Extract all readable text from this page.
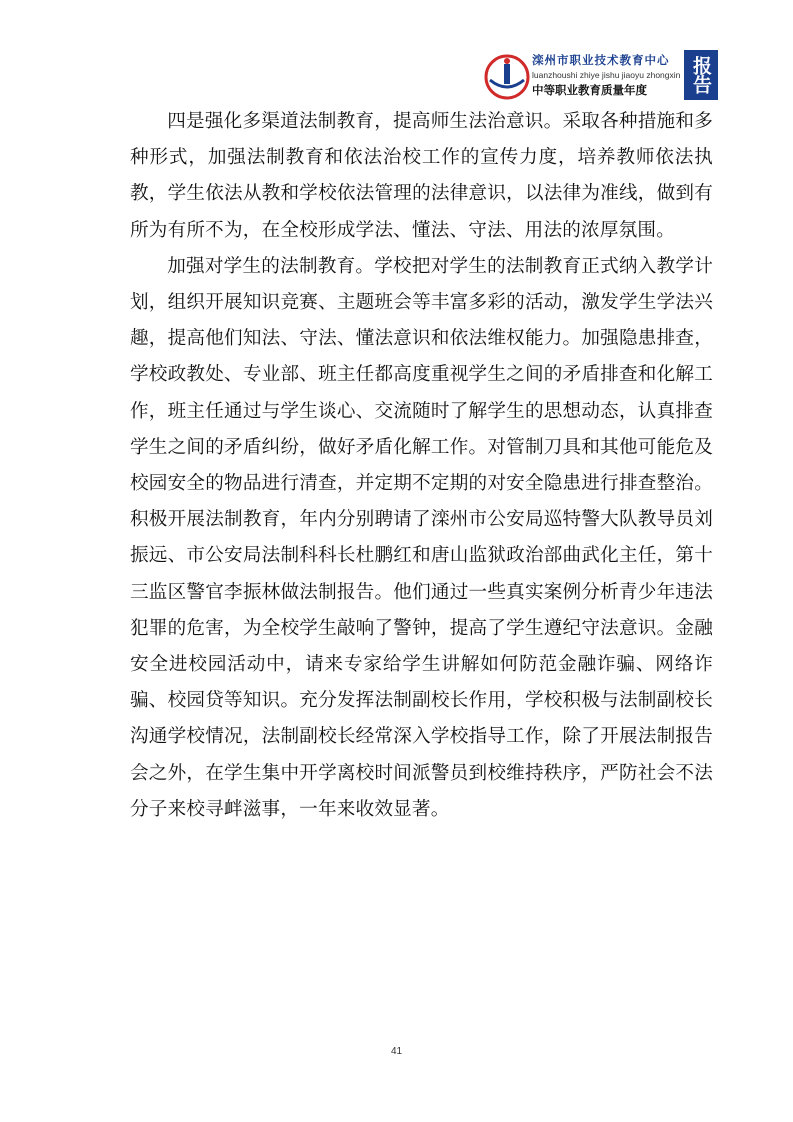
滦州市职业技术教育中心
luanzhoushi zhiye jishu jiaoyu zhongxin
中等职业教育质量年度	报告

四是强化多渠道法制教育，提高师生法治意识。采取各种措施和多种形式，加强法制教育和依法治校工作的宣传力度，培养教师依法执教，学生依法从教和学校依法管理的法律意识，以法律为准线，做到有所为有所不为，在全校形成学法、懂法、守法、用法的浓厚氛围。

加强对学生的法制教育。学校把对学生的法制教育正式纳入教学计划，组织开展知识竞赛、主题班会等丰富多彩的活动，激发学生学法兴趣，提高他们知法、守法、懂法意识和依法维权能力。加强隐患排查，学校政教处、专业部、班主任都高度重视学生之间的矛盾排查和化解工作，班主任通过与学生谈心、交流随时了解学生的思想动态，认真排查学生之间的矛盾纠纷，做好矛盾化解工作。对管制刀具和其他可能危及校园安全的物品进行清查，并定期不定期的对安全隐患进行排查整治。积极开展法制教育，年内分别聘请了滦州市公安局巡特警大队教导员刘振远、市公安局法制科科长杜鹏红和唐山监狱政治部曲武化主任，第十三监区警官李振林做法制报告。他们通过一些真实案例分析青少年违法犯罪的危害，为全校学生敲响了警钟，提高了学生遵纪守法意识。金融安全进校园活动中，请来专家给学生讲解如何防范金融诈骗、网络诈骗、校园贷等知识。充分发挥法制副校长作用，学校积极与法制副校长沟通学校情况，法制副校长经常深入学校指导工作，除了开展法制报告会之外，在学生集中开学离校时间派警员到校维持秩序，严防社会不法分子来校寻衅滋事，一年来收效显著。

41
